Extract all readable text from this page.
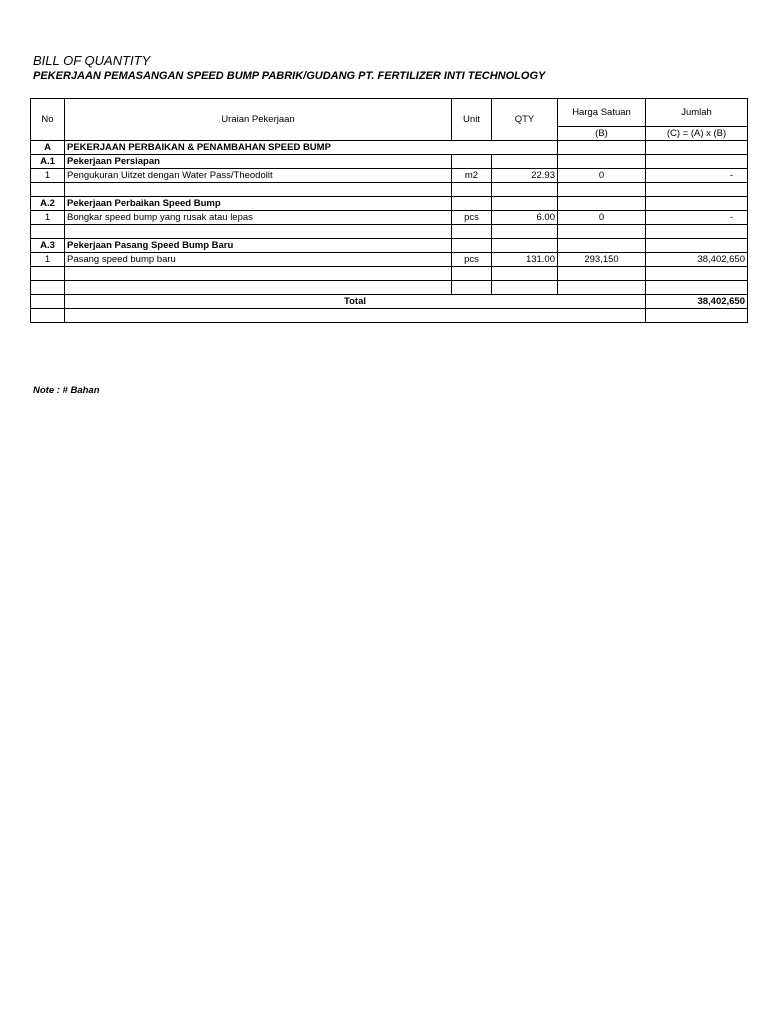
BILL OF QUANTITY
PEKERJAAN PEMASANGAN SPEED BUMP PABRIK/GUDANG PT. FERTILIZER INTI TECHNOLOGY
No	Uraian Pekerjaan	Unit	QTY	Harga Satuan	Jumlah
				(B)	(C) = (A) x (B)
A	PEKERJAAN PERBAIKAN & PENAMBAHAN SPEED BUMP				
A.1	Pekerjaan Persiapan				
1	Pengukuran Uitzet dengan Water Pass/Theodolit	m2	22.93	0	-

A.2	Pekerjaan Perbaikan Speed Bump				
1	Bongkar speed bump yang rusak atau lepas	pcs	6.00	0	-

A.3	Pekerjaan Pasang Speed Bump Baru				
1	Pasang speed bump baru	pcs	131.00	293,150	38,402,650

	Total				38,402,650

Note : # Bahan
